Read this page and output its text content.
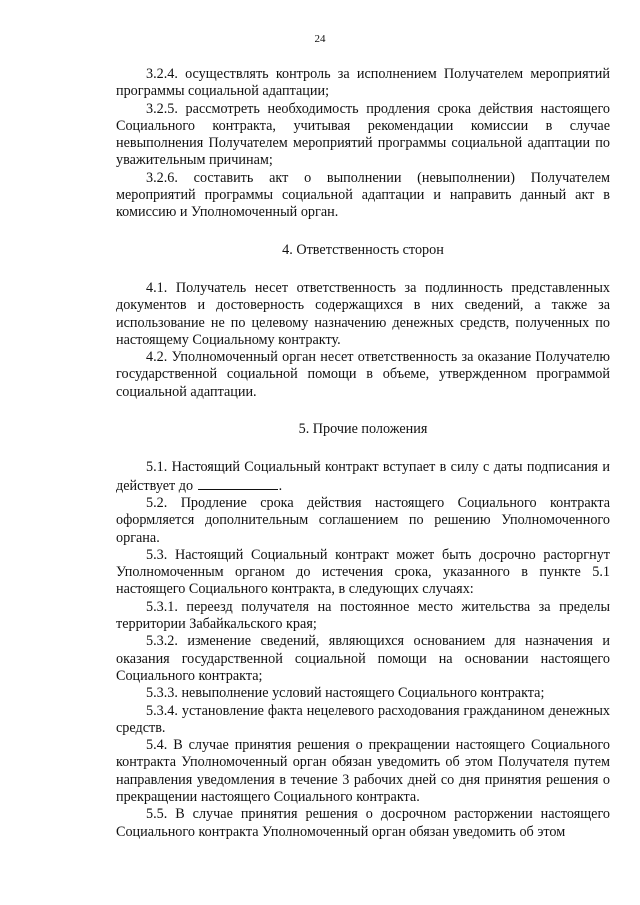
24

3.2.4. осуществлять контроль за исполнением Получателем мероприятий программы социальной адаптации;

3.2.5. рассмотреть необходимость продления срока действия настоящего Социального контракта, учитывая рекомендации комиссии в случае невыполнения Получателем мероприятий программы социальной адаптации по уважительным причинам;

3.2.6. составить акт о выполнении (невыполнении) Получателем мероприятий программы социальной адаптации и направить данный акт в комиссию и Уполномоченный орган.

4. Ответственность сторон

4.1. Получатель несет ответственность за подлинность представленных документов и достоверность содержащихся в них сведений, а также за использование не по целевому назначению денежных средств, полученных по настоящему Социальному контракту.

4.2. Уполномоченный орган несет ответственность за оказание Получателю государственной социальной помощи в объеме, утвержденном программой социальной адаптации.

5. Прочие положения

5.1. Настоящий Социальный контракт вступает в силу с даты подписания и действует до	.

5.2. Продление срока действия настоящего Социального контракта оформляется дополнительным соглашением по решению Уполномоченного органа.

5.3. Настоящий Социальный контракт может быть досрочно расторгнут Уполномоченным органом до истечения срока, указанного в пункте 5.1 настоящего Социального контракта, в следующих случаях:

5.3.1. переезд получателя на постоянное место жительства за пределы территории Забайкальского края;

5.3.2. изменение сведений, являющихся основанием для назначения и оказания государственной социальной помощи на основании настоящего Социального контракта;

5.3.3. невыполнение условий настоящего Социального контракта;

5.3.4. установление факта нецелевого расходования гражданином денежных средств.

5.4. В случае принятия решения о прекращении настоящего Социального контракта Уполномоченный орган обязан уведомить об этом Получателя путем направления уведомления в течение 3 рабочих дней со дня принятия решения о прекращении настоящего Социального контракта.

5.5. В случае принятия решения о досрочном расторжении настоящего Социального контракта Уполномоченный орган обязан уведомить об этом
